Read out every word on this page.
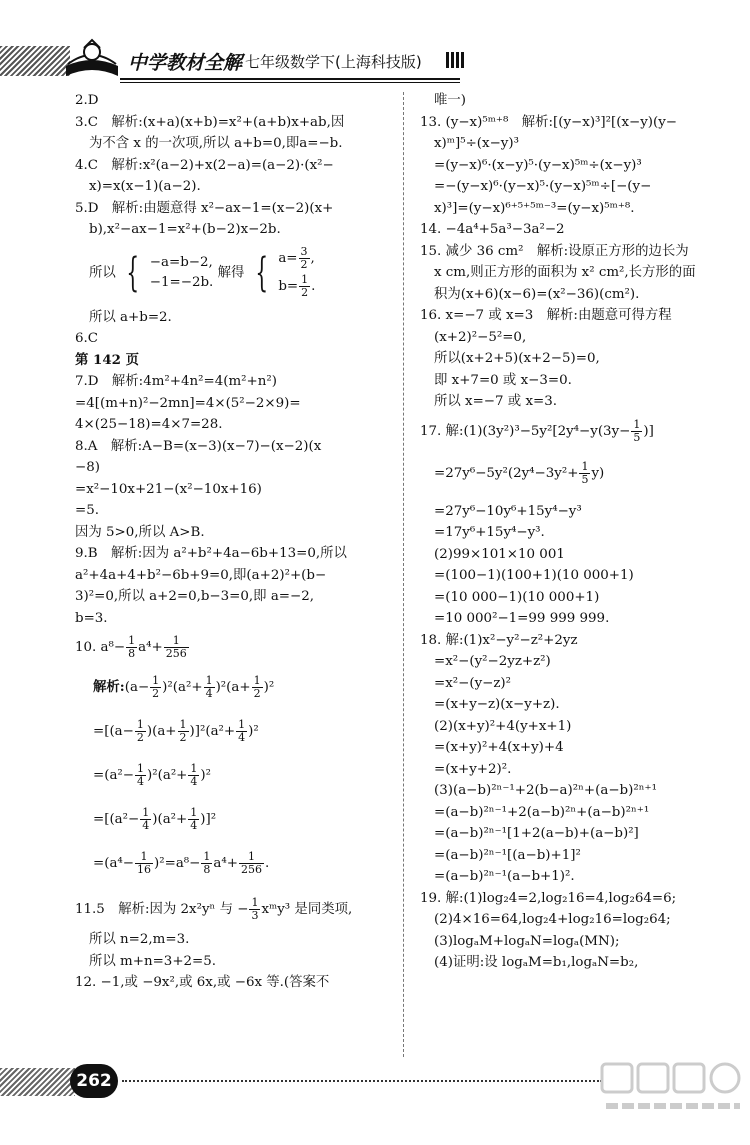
中学教材全解 七年级数学下(上海科技版)
2.D
3.C　解析:(x+a)(x+b)=x²+(a+b)x+ab,因
为不含 x 的一次项,所以 a+b=0,即a=−b.
4.C　解析:x²(a−2)+x(2−a)=(a−2)·(x²−
x)=x(x−1)(a−2).
5.D　解析:由题意得 x²−ax−1=(x−2)(x+
b),x²−ax−1=x²+(b−2)x−2b.
所以 { −a=b−2,
−1=−2b.
解得 { $a= \frac{3}{2}$ ,
$b= \frac{1}{2}$ .
所以 a+b=2.
6.C
第 142 页
7.D　解析:4m²+4n²=4(m²+n²)
=4[(m+n)²−2mn]=4×(5²−2×9)=
4×(25−18)=4×7=28.
8.A　解析:A−B=(x−3)(x−7)−(x−2)(x
−8)
=x²−10x+21−(x²−10x+16)
=5.
因为 5>0,所以 A>B.
9.B　解析:因为 a²+b²+4a−6b+13=0,所以
a²+4a+4+b²−6b+9=0,即(a+2)²+(b−
3)²=0,所以 a+2=0,b−3=0,即 a=−2,
b=3.
10. $a^8- \frac{1}{8} a^4+ \frac{1}{256}$
解析:(a− $\frac{1}{2} )^2(a^2+ \frac{1}{4} )^2(a+ \frac{1}{2} )^2$
$=[(a- \frac{1}{2} )(a+ \frac{1}{2} )]^2(a^2+ \frac{1}{4} )^2$
$=(a^2- \frac{1}{4} )^2(a^2+ \frac{1}{4} )^2$
$=[(a^2- \frac{1}{4} )(a^2+ \frac{1}{4} )]^2$
$=(a^4- \frac{1}{16} )^2=a^8- \frac{1}{8} a^4+ \frac{1}{256}$ .
11.5　解析:因为 2x²yⁿ 与 − $\frac{1}{3}$ xᵐy³ 是同类项,
所以 n=2,m=3.
所以 m+n=3+2=5.
12. −1,或 −9x²,或 6x,或 −6x 等.(答案不
唯一)
13. (y−x)⁵ᵐ⁺⁸　解析:[(y−x)³]²[(x−y)(y−
x)ᵐ]⁵÷(x−y)³
=(y−x)⁶·(x−y)⁵·(y−x)⁵ᵐ÷(x−y)³
=−(y−x)⁶·(y−x)⁵·(y−x)⁵ᵐ÷[−(y−
x)³]=(y−x)⁶⁺⁵⁺⁵ᵐ⁻³=(y−x)⁵ᵐ⁺⁸.
14. −4a⁴+5a³−3a²−2
15. 减少 36 cm²　解析:设原正方形的边长为
x cm,则正方形的面积为 x² cm²,长方形的面
积为(x+6)(x−6)=(x²−36)(cm²).
16. x=−7 或 x=3　解析:由题意可得方程
(x+2)²−5²=0,
所以(x+2+5)(x+2−5)=0,
即 x+7=0 或 x−3=0.
所以 x=−7 或 x=3.
17. 解:(1)(3y²)³−5y²[2y⁴−y(3y− $\frac{1}{5}$ )]
$=27y^6-5y^2(2y^4-3y^2+ \frac{1}{5} y)$
=27y⁶−10y⁶+15y⁴−y³
=17y⁶+15y⁴−y³.
(2)99×101×10 001
=(100−1)(100+1)(10 000+1)
=(10 000−1)(10 000+1)
=10 000²−1=99 999 999.
18. 解:(1)x²−y²−z²+2yz
=x²−(y²−2yz+z²)
=x²−(y−z)²
=(x+y−z)(x−y+z).
(2)(x+y)²+4(y+x+1)
=(x+y)²+4(x+y)+4
=(x+y+2)².
(3)(a−b)²ⁿ⁻¹+2(b−a)²ⁿ+(a−b)²ⁿ⁺¹
=(a−b)²ⁿ⁻¹+2(a−b)²ⁿ+(a−b)²ⁿ⁺¹
=(a−b)²ⁿ⁻¹[1+2(a−b)+(a−b)²]
=(a−b)²ⁿ⁻¹[(a−b)+1]²
=(a−b)²ⁿ⁻¹(a−b+1)².
19. 解:(1)log₂4=2,log₂16=4,log₂64=6;
(2)4×16=64,log₂4+log₂16=log₂64;
(3)logₐM+logₐN=logₐ(MN);
(4)证明:设 logₐM=b₁,logₐN=b₂,
262
